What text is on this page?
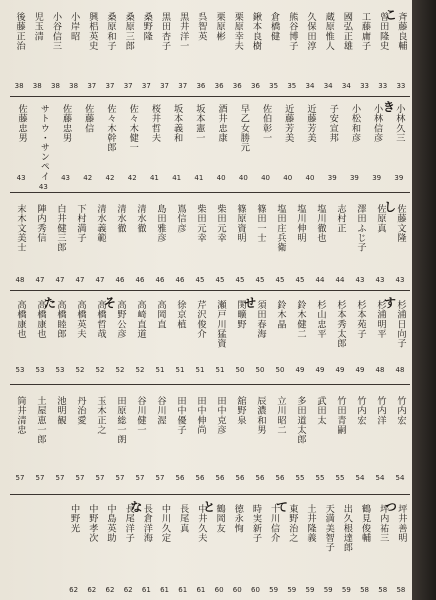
斉藤良輔
33
曾田隆史
33
工藤庸子
33
國弘正雄
34
蔵原惟人
34
久保田淳
34
熊谷博子
35
倉橋健
35
鍬本良樹
36
栗原幸夫
36
栗原彬
36
呉智英
36
黒井洋一
37
黒田杏子
37
桑野隆
37
桑原三郎
37
桑原和子
37
興梠英史
37
小岸昭
38
小谷信三
38
児玉清
38
後藤正治
38
小林久三
39
小林信彦
39
小松和彦
39
子安宣邦
39
近藤芳美
40
近藤芳美
40
佐伯彰一
40
早乙女勝元
40
酒井忠康
40
坂本憲一
41
坂本義和
41
桜井哲夫
41
佐々木健一
42
佐々木幹郎
42
佐藤信
42
佐藤忠男
43
サトウ・サンペイ
43
佐藤忠男
43
佐藤文隆
43
佐原真
43
澤田ふじ子
43
志村正
44
塩川徹也
44
塩川伸明
45
塩田庄兵衛
45
篠田一士
45
篠原資明
45
柴田元幸
45
柴田元幸
45
嶌信彦
46
島田雅彦
46
清水徹
46
清水徹
46
清水義範
47
下村満子
47
白井健三郎
47
陣内秀信
47
末木文美士
48
杉浦日向子
48
杉浦明平
48
杉本苑子
49
杉本秀太郎
49
杉山忠平
49
鈴木健二
49
鈴木晶
50
須田春海
50
関曠野
50
瀬戸川猛資
51
芹沢俊介
51
徐京植
51
高岡直
51
高崎直道
52
高野公彦
52
高橋哲哉
52
高橋英夫
52
高橋睦郎
53
高橋康也
53
高橋康也
53
竹内宏
54
竹内洋
54
竹内宏
54
竹田青嗣
55
武田太
55
多田道太郎
55
立川昭二
56
辰濃和男
56
舘野泉
56
田中克彦
56
田中伸尚
56
田中優子
56
谷川渥
57
谷川健一
57
田原総一朗
57
玉木正之
57
丹治愛
57
池明観
57
土屋恵一郎
57
筒井清忠
57
坪井善明
58
坪内祐三
58
鶴見俊輔
58
出久根達郎
59
天満美智子
59
土井隆義
59
東野治之
59
十川信介
59
時実新子
60
徳永恂
60
鶴岡友
60
中井久夫
61
長尾真
61
中川久定
61
長倉洋海
61
長尾洋子
62
中島英助
62
中野孝次
62
中野光
62
こ
き
し
す
せ
そ
た
つ
て
と
な
